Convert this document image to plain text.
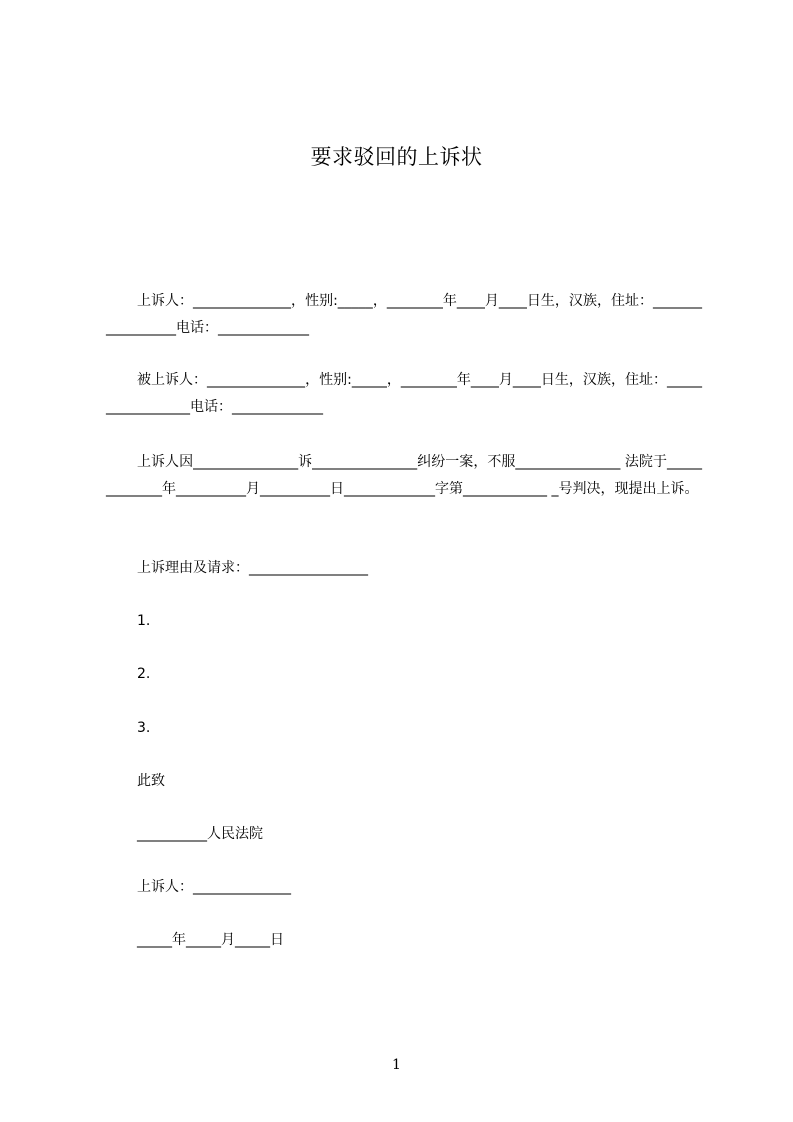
要求驳回的上诉状
上诉人：______________，性别:_____，________年____月____日生，汉族，住址：_________________电话：_____________
被上诉人：______________，性别:_____，________年____月____日生，汉族，住址：_________________电话：_____________
上诉人因_______________诉_______________纠纷一案，不服_______________ 法院于_____________年__________月__________日_____________字第____________ _号判决，现提出上诉。
上诉理由及请求：_________________
1.
2.
3.
此致
__________人民法院
上诉人：______________
_____年_____月_____日
1
